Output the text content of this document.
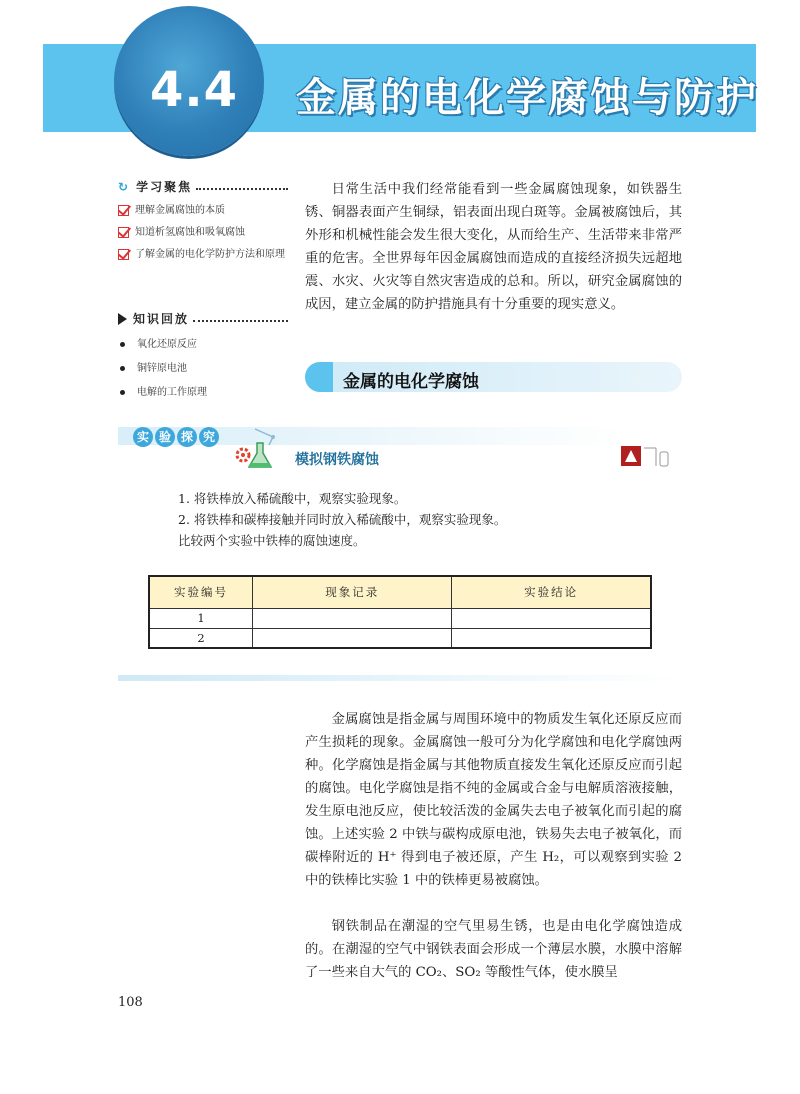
4.4 金属的电化学腐蚀与防护
↻ 学习聚焦
理解金属腐蚀的本质
知道析氢腐蚀和吸氧腐蚀
了解金属的电化学防护方法和原理
知识回放
氧化还原反应
铜锌原电池
电解的工作原理

日常生活中我们经常能看到一些金属腐蚀现象，如铁器生锈、铜器表面产生铜绿，铝表面出现白斑等。金属被腐蚀后，其外形和机械性能会发生很大变化，从而给生产、生活带来非常严重的危害。全世界每年因金属腐蚀而造成的直接经济损失远超地震、水灾、火灾等自然灾害造成的总和。所以，研究金属腐蚀的成因，建立金属的防护措施具有十分重要的现实意义。

金属的电化学腐蚀
实 验 探 究
模拟钢铁腐蚀
1. 将铁棒放入稀硫酸中，观察实验现象。
2. 将铁棒和碳棒接触并同时放入稀硫酸中，观察实验现象。
比较两个实验中铁棒的腐蚀速度。
实验编号	现象记录	实验结论
1		
2		

金属腐蚀是指金属与周围环境中的物质发生氧化还原反应而产生损耗的现象。金属腐蚀一般可分为化学腐蚀和电化学腐蚀两种。化学腐蚀是指金属与其他物质直接发生氧化还原反应而引起的腐蚀。电化学腐蚀是指不纯的金属或合金与电解质溶液接触，发生原电池反应，使比较活泼的金属失去电子被氧化而引起的腐蚀。上述实验 2 中铁与碳构成原电池，铁易失去电子被氧化，而碳棒附近的 H⁺ 得到电子被还原，产生 H₂，可以观察到实验 2 中的铁棒比实验 1 中的铁棒更易被腐蚀。

钢铁制品在潮湿的空气里易生锈，也是由电化学腐蚀造成的。在潮湿的空气中钢铁表面会形成一个薄层水膜，水膜中溶解了一些来自大气的 CO₂、SO₂ 等酸性气体，使水膜呈

108
